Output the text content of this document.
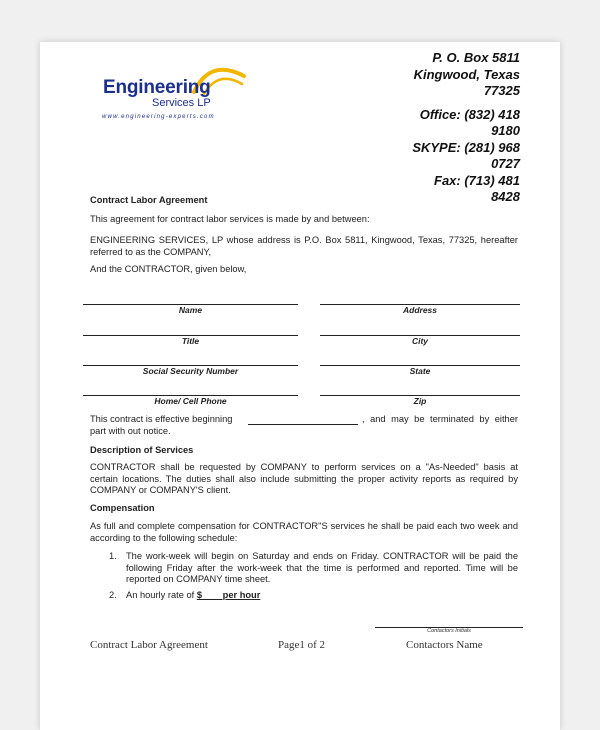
Engineering
Services LP
www.engineering-experts.com
P. O. Box 5811
Kingwood, Texas
77325
Office: (832) 418
9180
SKYPE: (281) 968
0727
Fax: (713) 481
8428
Contract Labor Agreement
This agreement for contract labor services is made by and between:
ENGINEERING SERVICES, LP whose address is P.O. Box 5811, Kingwood, Texas, 77325, hereafter referred to as the COMPANY,
And the CONTRACTOR, given below,
Name	Address
Title	City
Social Security Number	State
Home/ Cell Phone	Zip
This contract is effective beginning	, and may be terminated by either part with out notice.
Description of Services
CONTRACTOR shall be requested by COMPANY to perform services on a "As-Needed" basis at certain locations. The duties shall also include submitting the proper activity reports as required by COMPANY or COMPANY'S client.
Compensation
As full and complete compensation for CONTRACTOR"S services he shall be paid each two week and according to the following schedule:
1. The work-week will begin on Saturday and ends on Friday. CONTRACTOR will be paid the following Friday after the work-week that the time is performed and reported. Time will be reported on COMPANY time sheet.
2. An hourly rate of $        per hour
Contactors Initials
Contract Labor Agreement	Page1 of 2	Contactors Name
